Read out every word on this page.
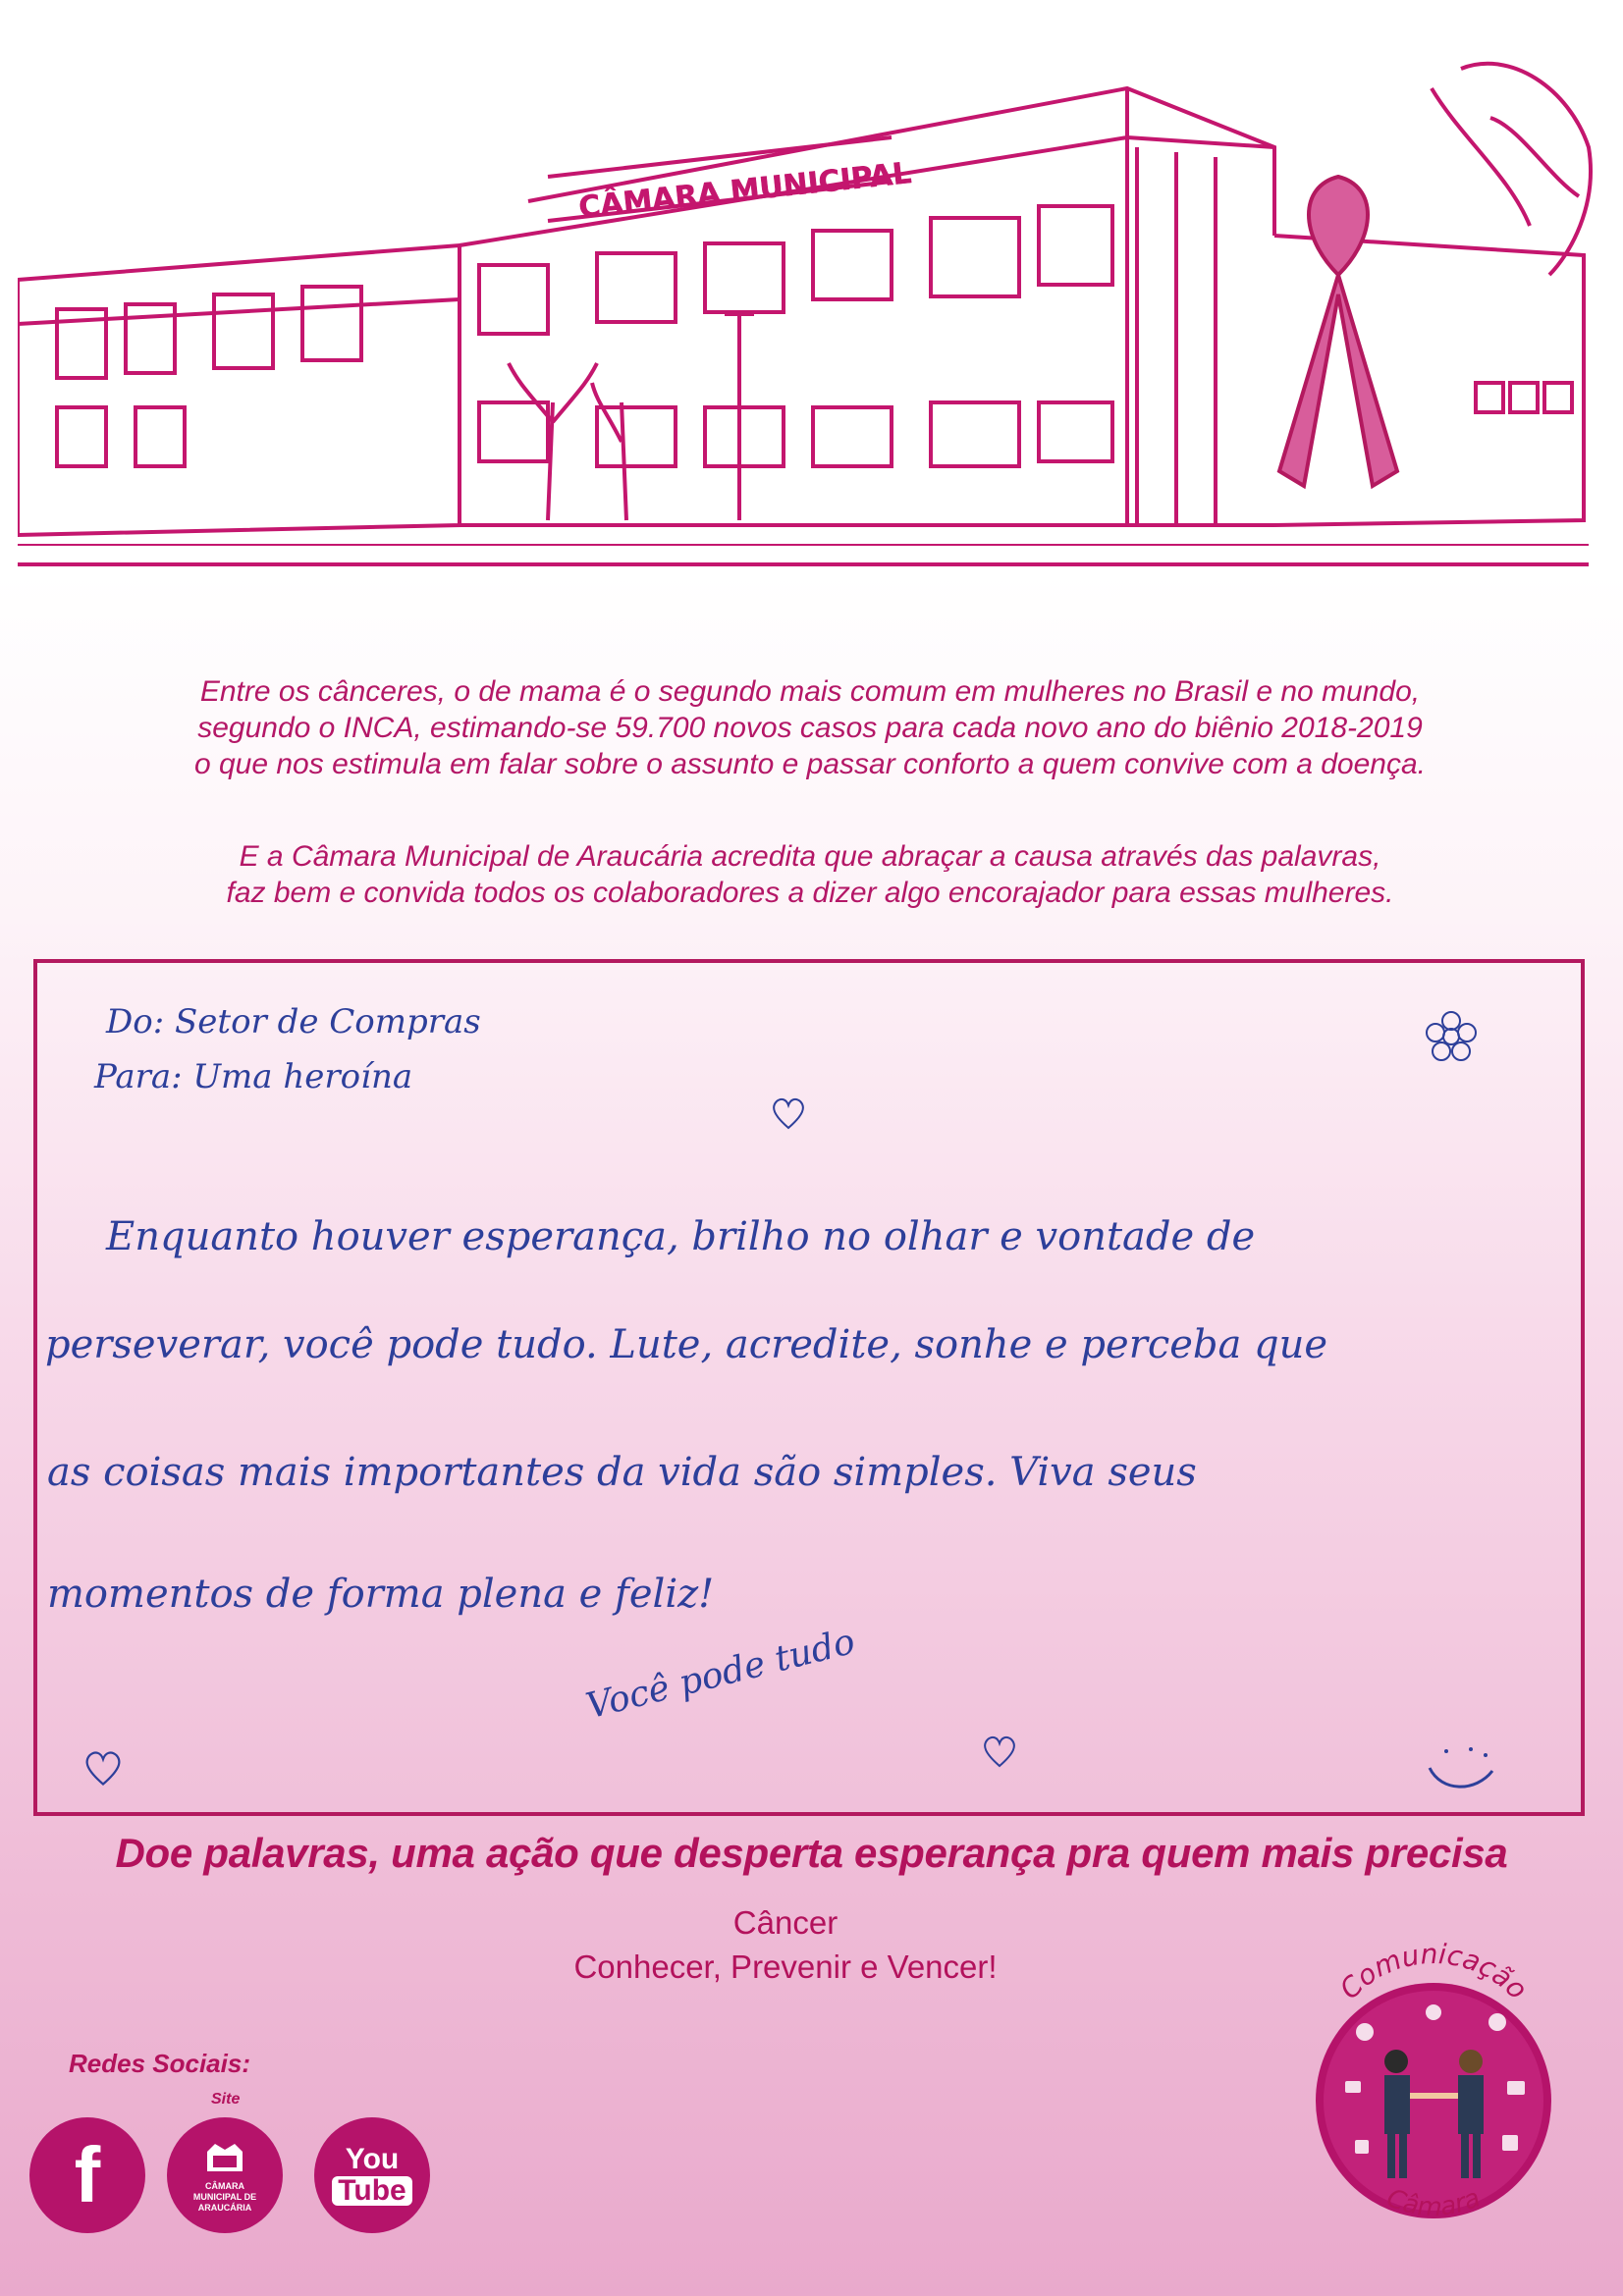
CÂMARA MUNICIPAL

Entre os cânceres, o de mama é o segundo mais comum em mulheres no Brasil e no mundo,

segundo o INCA, estimando-se 59.700 novos casos para cada novo ano do biênio 2018-2019

o que nos estimula em falar sobre o assunto e passar conforto a quem convive com a doença.

E a Câmara Municipal de Araucária acredita que abraçar a causa através das palavras,

faz bem e convida todos os colaboradores a dizer algo encorajador para essas mulheres.

Do: Setor de Compras
Para: Uma heroína
Enquanto houver esperança, brilho no olhar e vontade de
perseverar, você pode tudo. Lute, acredite, sonhe e perceba que
as coisas mais importantes da vida são simples. Viva seus
momentos de forma plena e feliz!
Você pode tudo
Doe palavras, uma ação que desperta esperança pra quem mais precisa
Câncer
Conhecer, Prevenir e Vencer!
Redes Sociais:
Site
f	CÂMARA MUNICIPAL DE ARAUCÁRIA
You
Tube
Comunicação
Câmara
